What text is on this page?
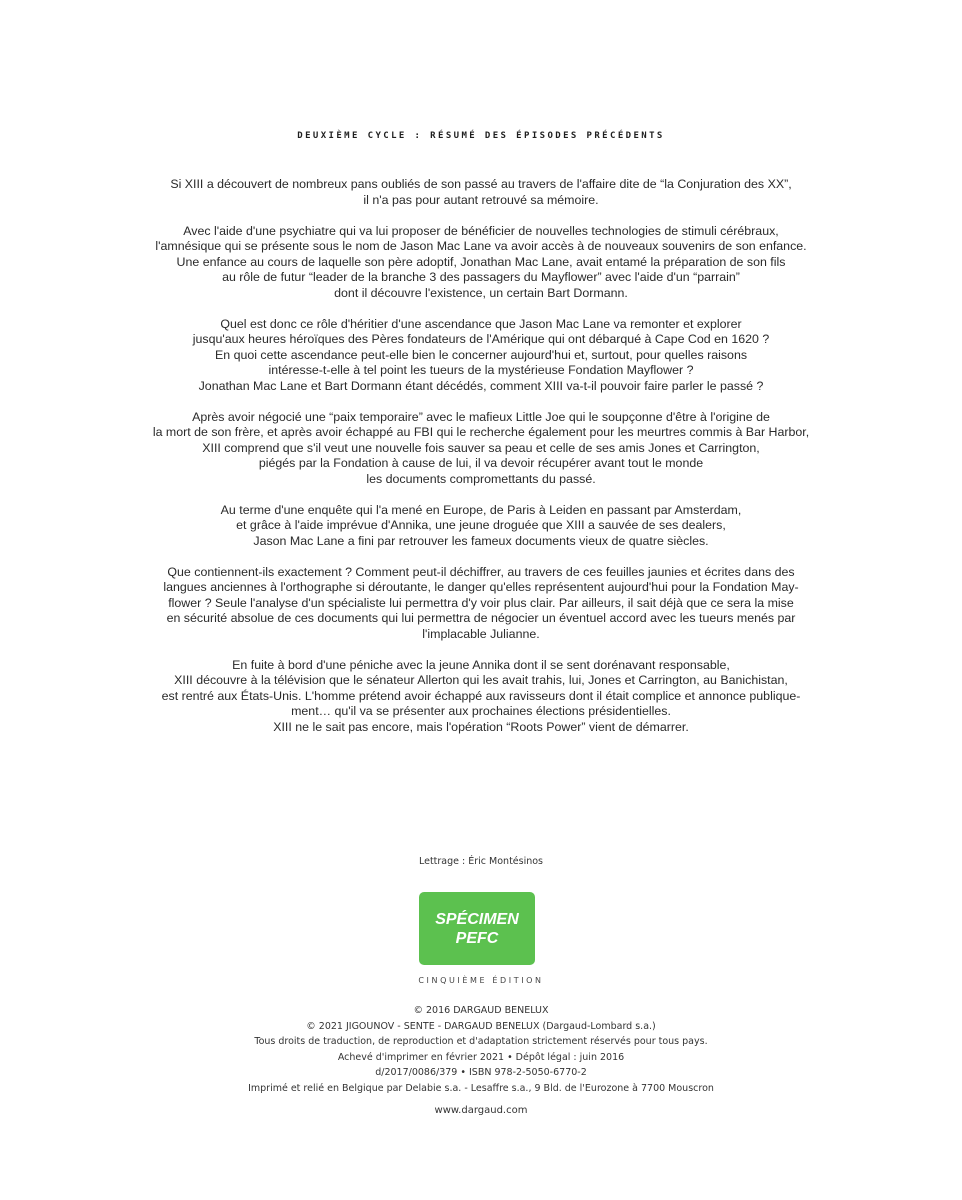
DEUXIÈME CYCLE : RÉSUMÉ DES ÉPISODES PRÉCÉDENTS
Si XIII a découvert de nombreux pans oubliés de son passé au travers de l'affaire dite de “la Conjuration des XX”,
il n'a pas pour autant retrouvé sa mémoire.
Avec l'aide d'une psychiatre qui va lui proposer de bénéficier de nouvelles technologies de stimuli cérébraux,
l'amnésique qui se présente sous le nom de Jason Mac Lane va avoir accès à de nouveaux souvenirs de son enfance.
Une enfance au cours de laquelle son père adoptif, Jonathan Mac Lane, avait entamé la préparation de son fils
au rôle de futur “leader de la branche 3 des passagers du Mayflower” avec l'aide d'un “parrain”
dont il découvre l'existence, un certain Bart Dormann.
Quel est donc ce rôle d'héritier d'une ascendance que Jason Mac Lane va remonter et explorer
jusqu'aux heures héroïques des Pères fondateurs de l'Amérique qui ont débarqué à Cape Cod en 1620 ?
En quoi cette ascendance peut-elle bien le concerner aujourd'hui et, surtout, pour quelles raisons
intéresse-t-elle à tel point les tueurs de la mystérieuse Fondation Mayflower ?
Jonathan Mac Lane et Bart Dormann étant décédés, comment XIII va-t-il pouvoir faire parler le passé ?
Après avoir négocié une “paix temporaire” avec le mafieux Little Joe qui le soupçonne d'être à l'origine de
la mort de son frère, et après avoir échappé au FBI qui le recherche également pour les meurtres commis à Bar Harbor,
XIII comprend que s'il veut une nouvelle fois sauver sa peau et celle de ses amis Jones et Carrington,
piégés par la Fondation à cause de lui, il va devoir récupérer avant tout le monde
les documents compromettants du passé.
Au terme d'une enquête qui l'a mené en Europe, de Paris à Leiden en passant par Amsterdam,
et grâce à l'aide imprévue d'Annika, une jeune droguée que XIII a sauvée de ses dealers,
Jason Mac Lane a fini par retrouver les fameux documents vieux de quatre siècles.
Que contiennent-ils exactement ? Comment peut-il déchiffrer, au travers de ces feuilles jaunies et écrites dans des
langues anciennes à l'orthographe si déroutante, le danger qu'elles représentent aujourd'hui pour la Fondation May-
flower ? Seule l'analyse d'un spécialiste lui permettra d'y voir plus clair. Par ailleurs, il sait déjà que ce sera la mise
en sécurité absolue de ces documents qui lui permettra de négocier un éventuel accord avec les tueurs menés par
l'implacable Julianne.
En fuite à bord d'une péniche avec la jeune Annika dont il se sent dorénavant responsable,
XIII découvre à la télévision que le sénateur Allerton qui les avait trahis, lui, Jones et Carrington, au Banichistan,
est rentré aux États-Unis. L'homme prétend avoir échappé aux ravisseurs dont il était complice et annonce publique-
ment… qu'il va se présenter aux prochaines élections présidentielles.
XIII ne le sait pas encore, mais l'opération “Roots Power” vient de démarrer.
Lettrage : Éric Montésinos
SPÉCIMEN
PEFC
CINQUIÈME ÉDITION
© 2016 DARGAUD BENELUX
© 2021 JIGOUNOV - SENTE - DARGAUD BENELUX (Dargaud-Lombard s.a.)
Tous droits de traduction, de reproduction et d'adaptation strictement réservés pour tous pays.
Achevé d'imprimer en février 2021 • Dépôt légal : juin 2016
d/2017/0086/379 • ISBN 978-2-5050-6770-2
Imprimé et relié en Belgique par Delabie s.a. - Lesaffre s.a., 9 Bld. de l'Eurozone à 7700 Mouscron
www.dargaud.com
